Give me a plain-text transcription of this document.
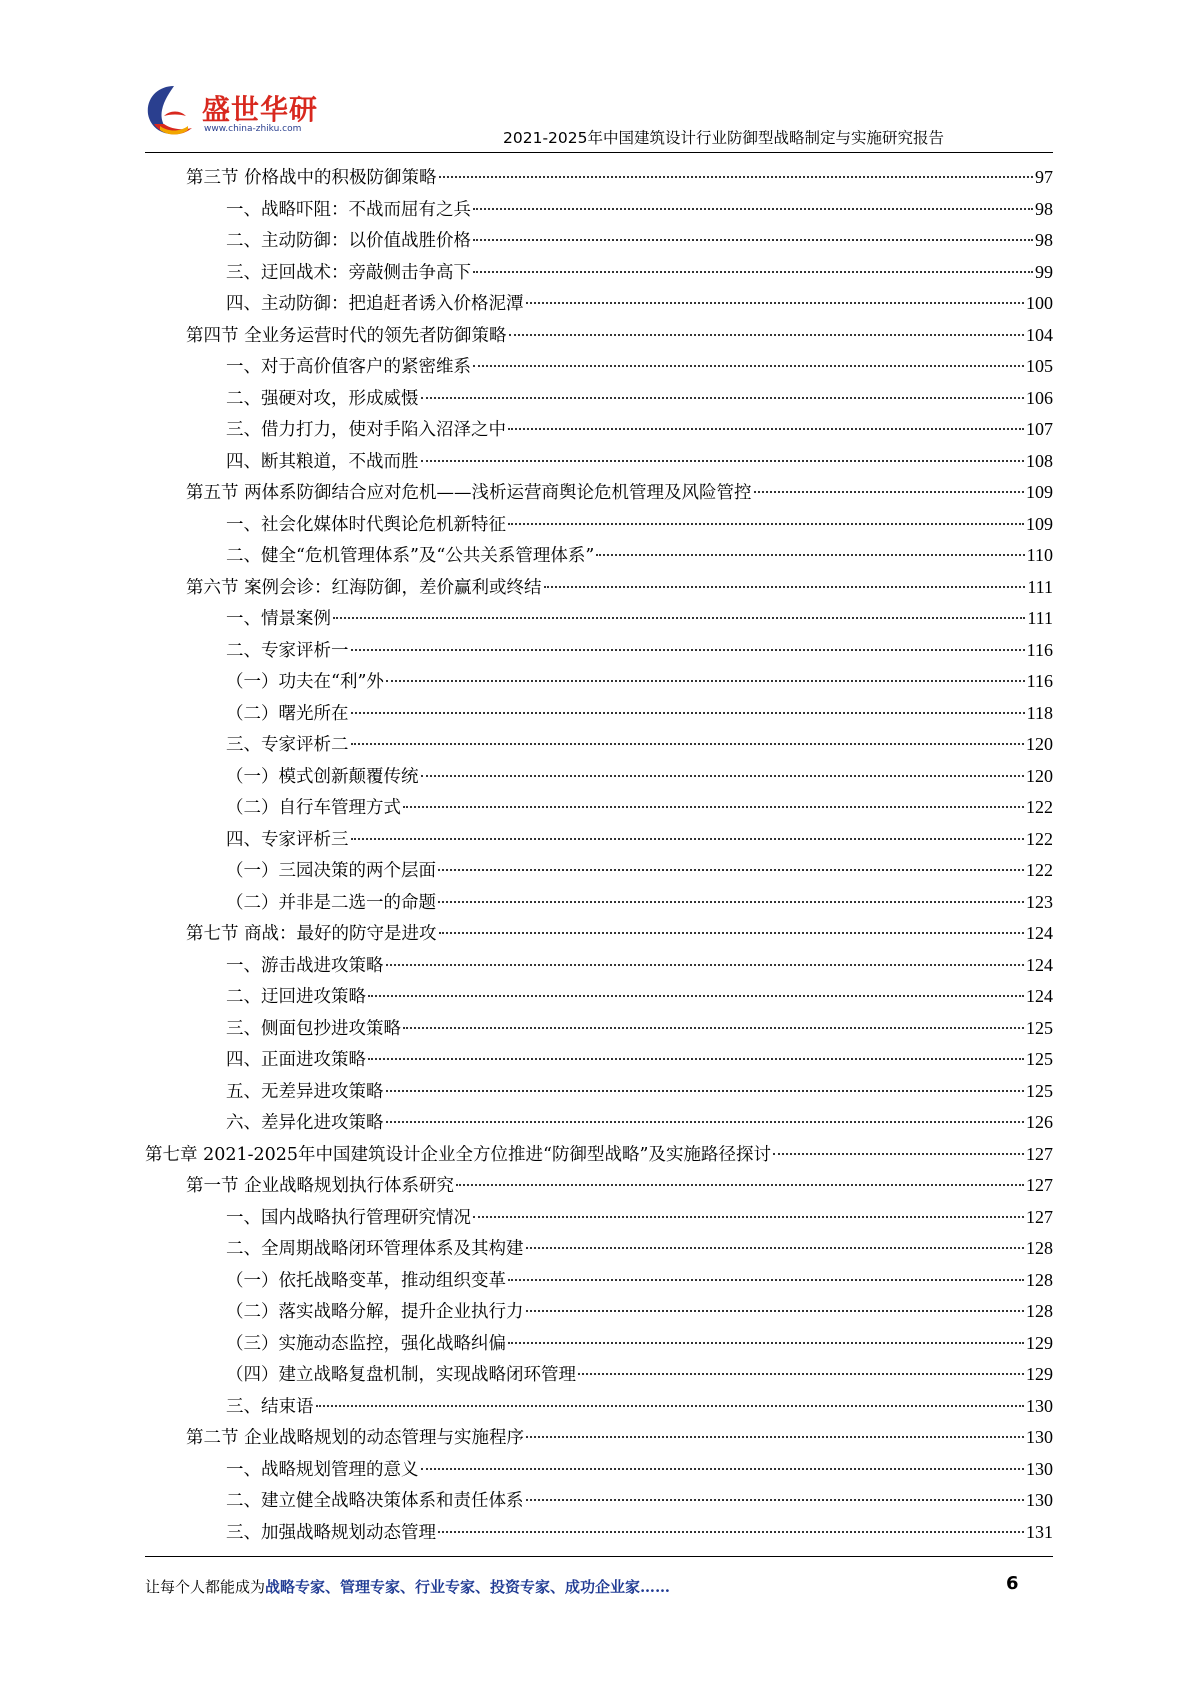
盛世华研
www.china-zhiku.com	2021-2025年中国建筑设计行业防御型战略制定与实施研究报告
第三节 价格战中的积极防御策略	97
一、战略吓阻：不战而屈有之兵	98
二、主动防御：以价值战胜价格	98
三、迂回战术：旁敲侧击争高下	99
四、主动防御：把追赶者诱入价格泥潭	100
第四节 全业务运营时代的领先者防御策略	104
一、对于高价值客户的紧密维系	105
二、强硬对攻，形成威慑	106
三、借力打力，使对手陷入沼泽之中	107
四、断其粮道，不战而胜	108
第五节 两体系防御结合应对危机——浅析运营商舆论危机管理及风险管控	109
一、社会化媒体时代舆论危机新特征	109
二、健全“危机管理体系”及“公共关系管理体系”	110
第六节 案例会诊：红海防御，差价赢利或终结	111
一、情景案例	111
二、专家评析一	116
（一）功夫在“利”外	116
（二）曙光所在	118
三、专家评析二	120
（一）模式创新颠覆传统	120
（二）自行车管理方式	122
四、专家评析三	122
（一）三园决策的两个层面	122
（二）并非是二选一的命题	123
第七节 商战：最好的防守是进攻	124
一、游击战进攻策略	124
二、迂回进攻策略	124
三、侧面包抄进攻策略	125
四、正面进攻策略	125
五、无差异进攻策略	125
六、差异化进攻策略	126
第七章 2021-2025年中国建筑设计企业全方位推进“防御型战略”及实施路径探讨	127
第一节 企业战略规划执行体系研究	127
一、国内战略执行管理研究情况	127
二、全周期战略闭环管理体系及其构建	128
（一）依托战略变革，推动组织变革	128
（二）落实战略分解，提升企业执行力	128
（三）实施动态监控，强化战略纠偏	129
（四）建立战略复盘机制，实现战略闭环管理	129
三、结束语	130
第二节 企业战略规划的动态管理与实施程序	130
一、战略规划管理的意义	130
二、建立健全战略决策体系和责任体系	130
三、加强战略规划动态管理	131
让每个人都能成为战略专家、管理专家、行业专家、投资专家、成功企业家……	6
